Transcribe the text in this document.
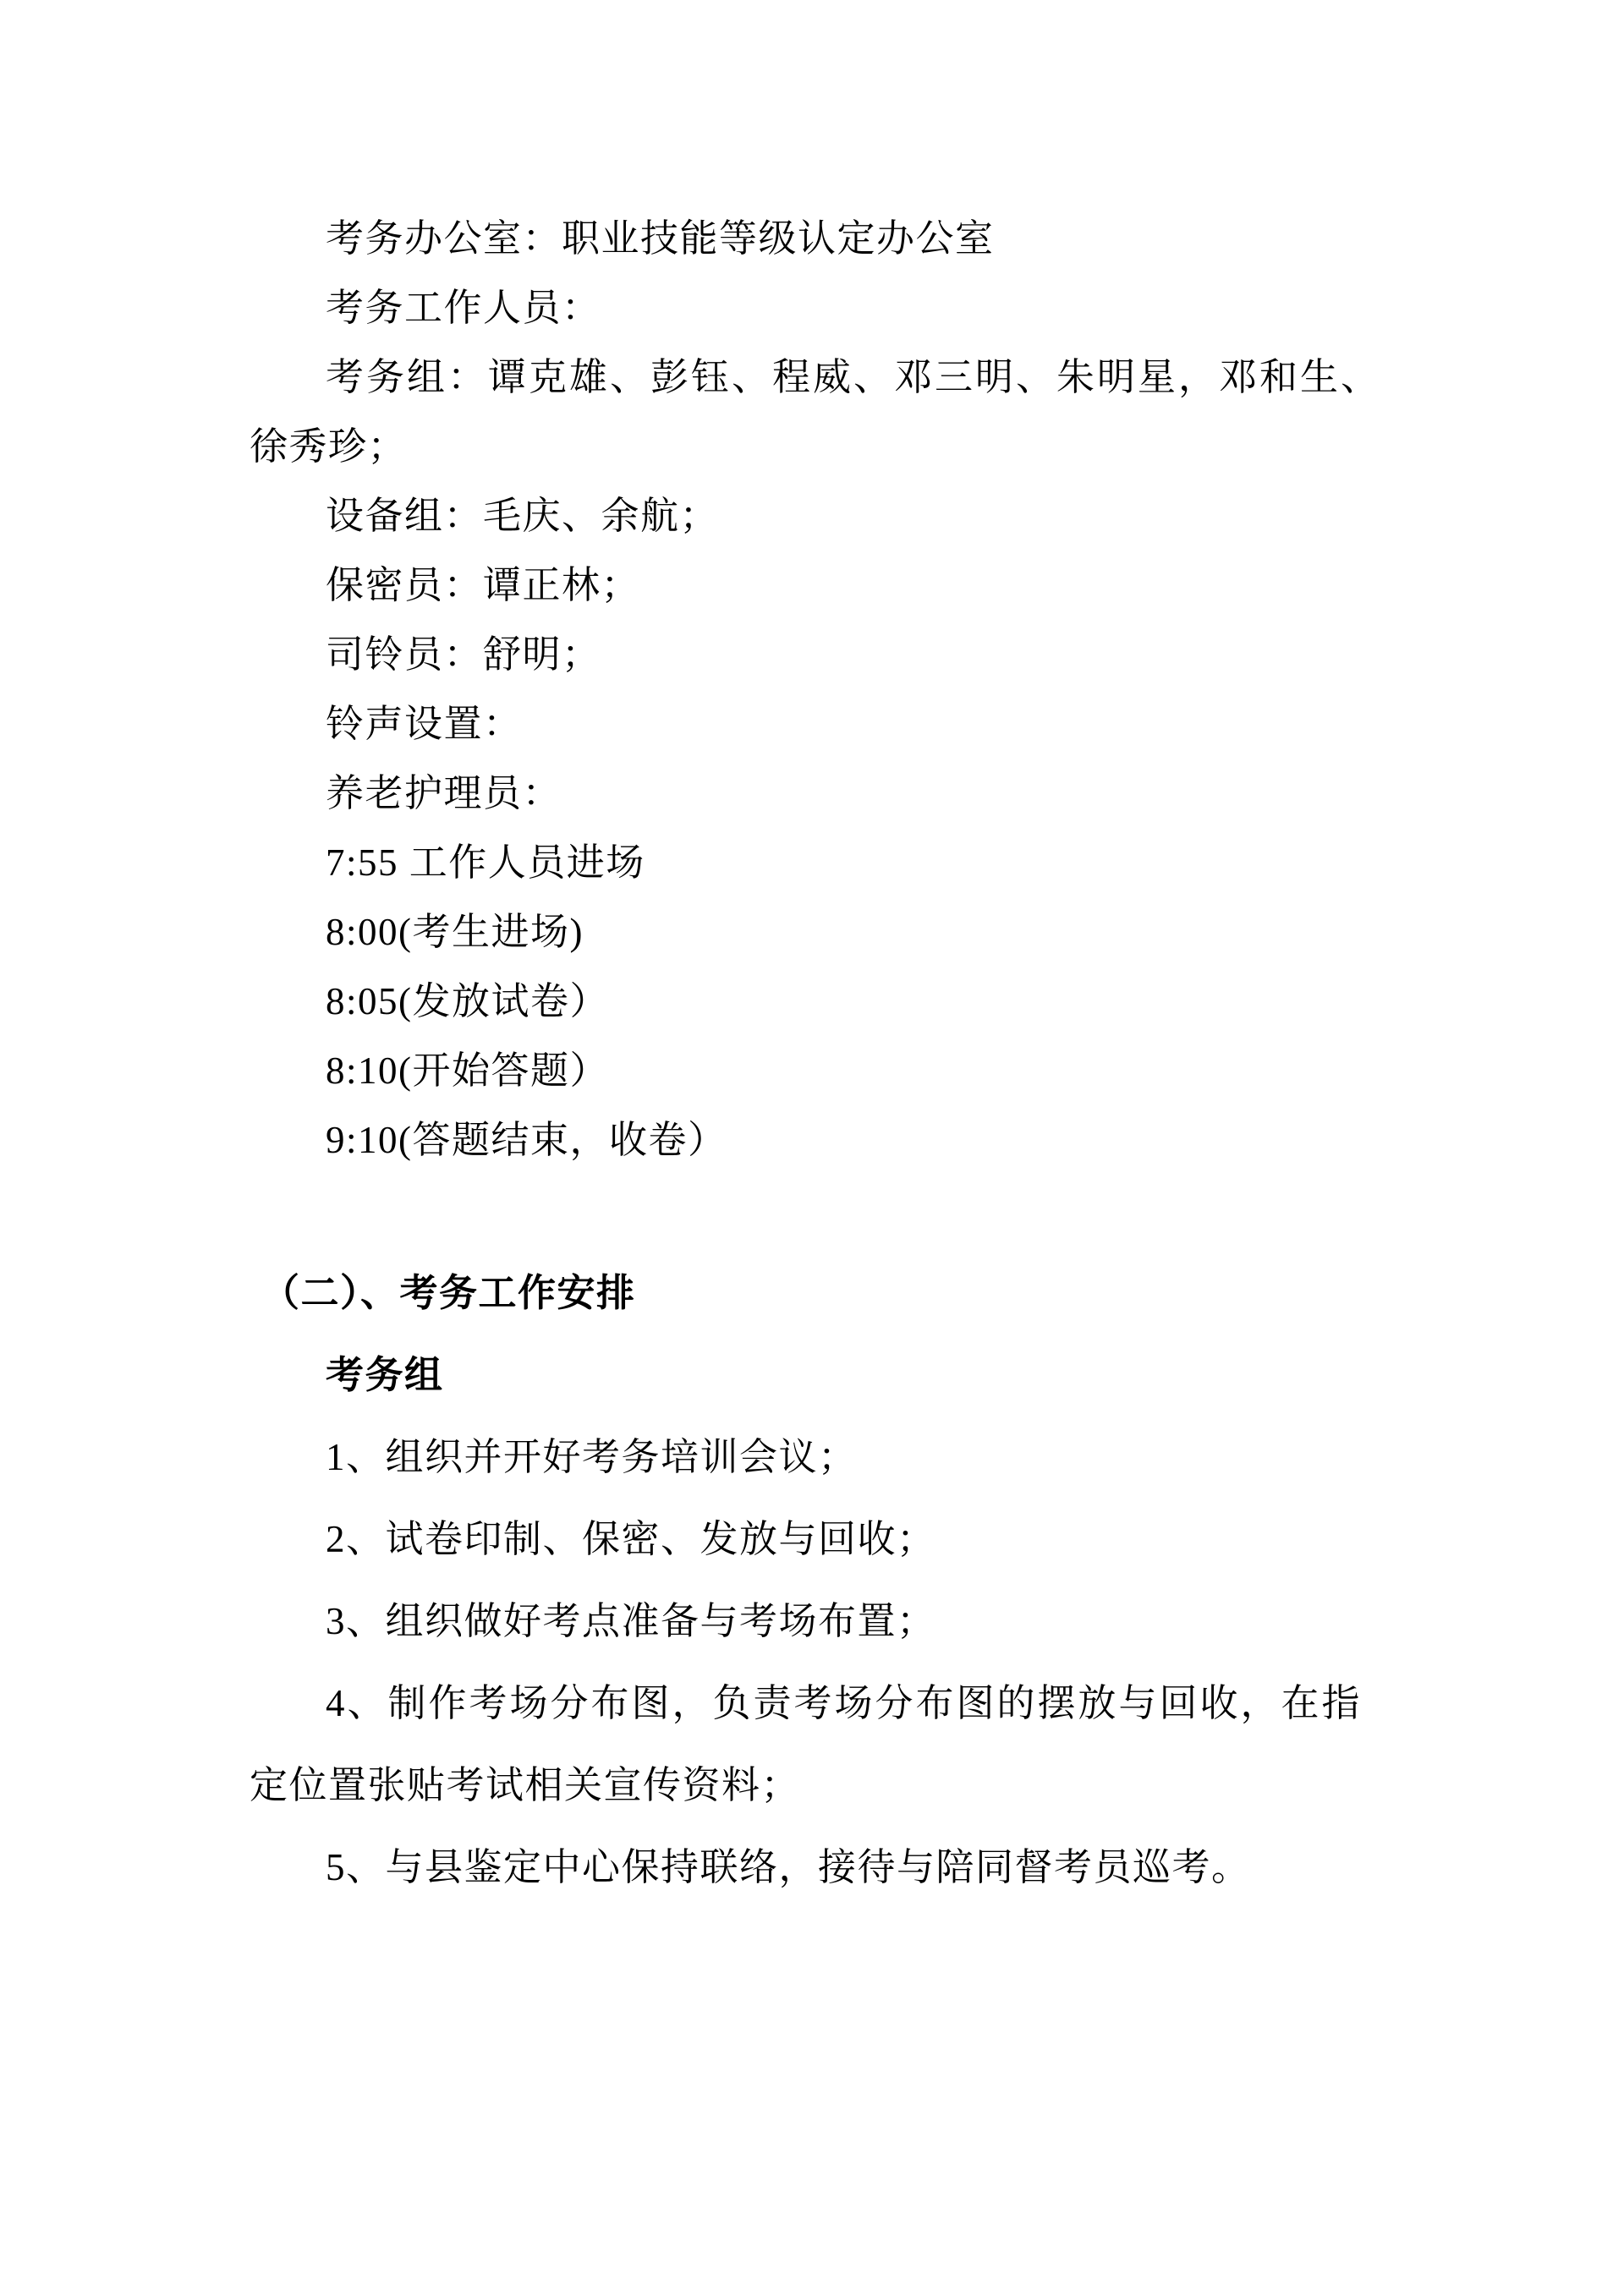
考务办公室：职业技能等级认定办公室
考务工作人员：
考务组：谭克雄、彭钰、程威、邓三明、朱明星，邓和生、
徐秀珍；
设备组：毛庆、余航；
保密员：谭正林；
司铃员：舒明；
铃声设置：
养老护理员：
7:55 工作人员进场
8:00(考生进场)
8:05(发放试卷）
8:10(开始答题）
9:10(答题结束，收卷）
（二）、考务工作安排
考务组
1、组织并开好考务培训会议；
2、试卷印制、保密、发放与回收；
3、组织做好考点准备与考场布置；
4、制作考场分布图，负责考场分布图的摆放与回收，在指
定位置张贴考试相关宣传资料；
5、与县鉴定中心保持联络，接待与陪同督考员巡考。
